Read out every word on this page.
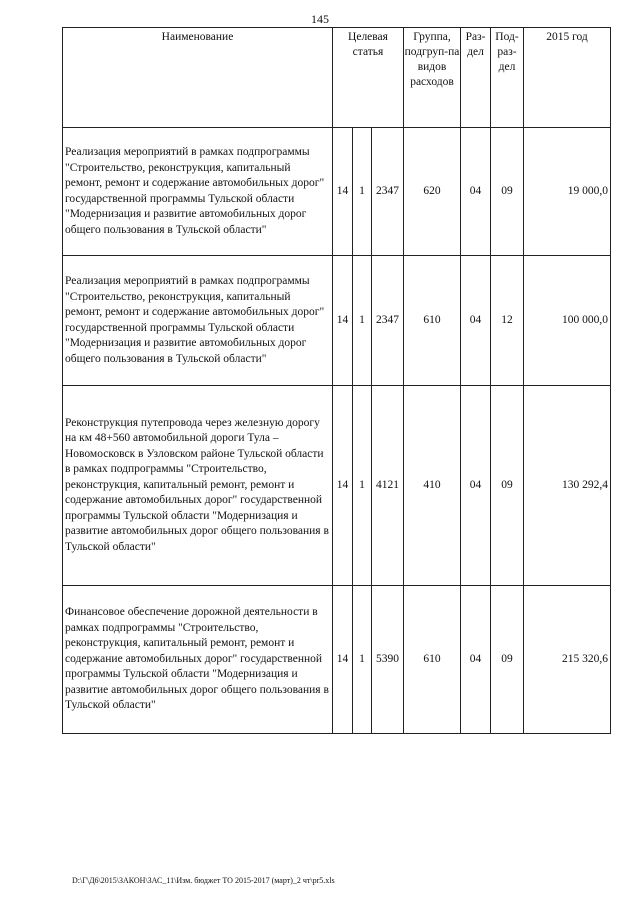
145
Наименование	Целевая статья			Группа, подгруп-па видов расходов	Раз-дел	Под-раз-дел	2015 год
Реализация мероприятий в рамках подпрограммы "Строительство, реконструкция, капитальный ремонт, ремонт и содержание автомобильных дорог" государственной программы Тульской области "Модернизация и развитие автомобильных дорог общего пользования в Тульской области"	14	1	2347	620	04	09	19 000,0
Реализация мероприятий в рамках подпрограммы "Строительство, реконструкция, капитальный ремонт, ремонт и содержание автомобильных дорог" государственной программы Тульской области "Модернизация и развитие автомобильных дорог общего пользования в Тульской области"	14	1	2347	610	04	12	100 000,0
Реконструкция путепровода через железную дорогу на км 48+560 автомобильной дороги Тула – Новомосковск в Узловском районе Тульской области в рамках подпрограммы "Строительство, реконструкция, капитальный ремонт, ремонт и содержание автомобильных дорог" государственной программы Тульской области "Модернизация и развитие автомобильных дорог общего пользования в Тульской области"	14	1	4121	410	04	09	130 292,4
Финансовое обеспечение дорожной деятельности в рамках подпрограммы "Строительство, реконструкция, капитальный ремонт, ремонт и содержание автомобильных дорог" государственной программы Тульской области "Модернизация и развитие автомобильных дорог общего пользования в Тульской области"	14	1	5390	610	04	09	215 320,6
D:\Г\Д6\2015\ЗАКОН\ЗАС_11\Изм. бюджет ТО 2015-2017 (март)_2 чт\pr5.xls
